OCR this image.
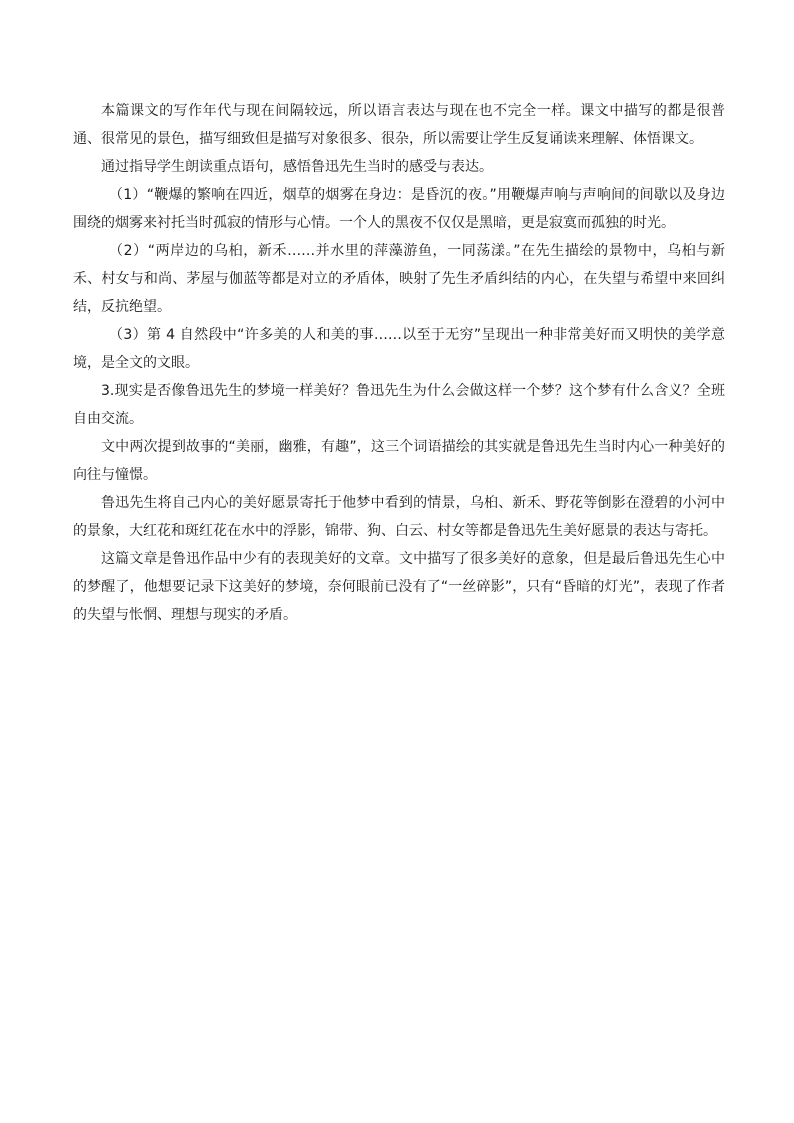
本篇课文的写作年代与现在间隔较远，所以语言表达与现在也不完全一样。课文中描写的都是很普通、很常见的景色，描写细致但是描写对象很多、很杂，所以需要让学生反复诵读来理解、体悟课文。

通过指导学生朗读重点语句，感悟鲁迅先生当时的感受与表达。

（1）“鞭爆的繁响在四近，烟草的烟雾在身边：是昏沉的夜。”用鞭爆声响与声响间的间歇以及身边围绕的烟雾来衬托当时孤寂的情形与心情。一个人的黑夜不仅仅是黑暗，更是寂寞而孤独的时光。

（2）“两岸边的乌桕，新禾……并水里的萍藻游鱼，一同荡漾。”在先生描绘的景物中，乌桕与新禾、村女与和尚、茅屋与伽蓝等都是对立的矛盾体，映射了先生矛盾纠结的内心，在失望与希望中来回纠结，反抗绝望。

（3）第 4 自然段中“许多美的人和美的事……以至于无穷”呈现出一种非常美好而又明快的美学意境，是全文的文眼。

3.现实是否像鲁迅先生的梦境一样美好？鲁迅先生为什么会做这样一个梦？这个梦有什么含义？全班自由交流。

文中两次提到故事的“美丽，幽雅，有趣”，这三个词语描绘的其实就是鲁迅先生当时内心一种美好的向往与憧憬。

鲁迅先生将自己内心的美好愿景寄托于他梦中看到的情景，乌桕、新禾、野花等倒影在澄碧的小河中的景象，大红花和斑红花在水中的浮影，锦带、狗、白云、村女等都是鲁迅先生美好愿景的表达与寄托。

这篇文章是鲁迅作品中少有的表现美好的文章。文中描写了很多美好的意象，但是最后鲁迅先生心中的梦醒了，他想要记录下这美好的梦境，奈何眼前已没有了“一丝碎影”，只有“昏暗的灯光”，表现了作者的失望与怅惘、理想与现实的矛盾。
